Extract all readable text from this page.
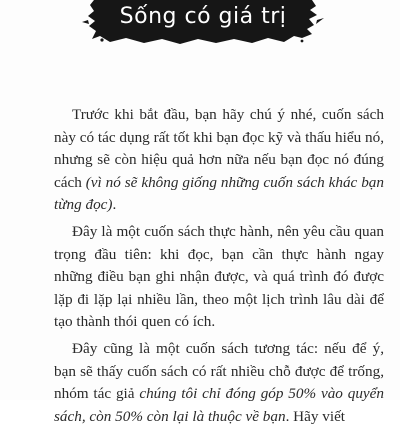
Sống có giá trị

Trước khi bắt đầu, bạn hãy chú ý nhé, cuốn sách này có tác dụng rất tốt khi bạn đọc kỹ và thấu hiểu nó, nhưng sẽ còn hiệu quả hơn nữa nếu bạn đọc nó đúng cách (vì nó sẽ không giống những cuốn sách khác bạn từng đọc).

Đây là một cuốn sách thực hành, nên yêu cầu quan trọng đầu tiên: khi đọc, bạn cần thực hành ngay những điều bạn ghi nhận được, và quá trình đó được lặp đi lặp lại nhiều lần, theo một lịch trình lâu dài để tạo thành thói quen có ích.

Đây cũng là một cuốn sách tương tác: nếu để ý, bạn sẽ thấy cuốn sách có rất nhiều chỗ được để trống, nhóm tác giả chúng tôi chỉ đóng góp 50% vào quyển sách, còn 50% còn lại là thuộc về bạn. Hãy viết
